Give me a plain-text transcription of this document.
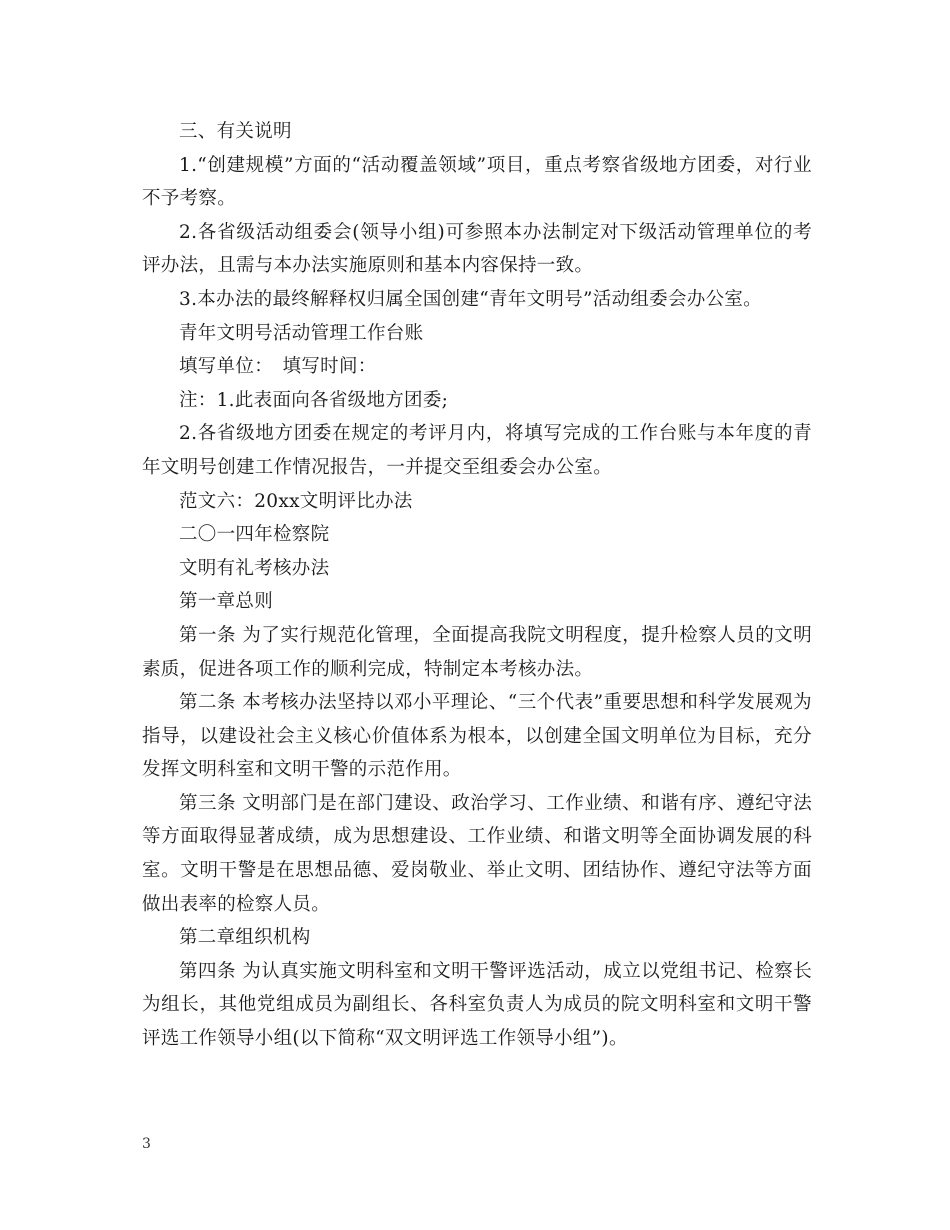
三、有关说明

1.“创建规模”方面的“活动覆盖领域”项目，重点考察省级地方团委，对行业不予考察。

2.各省级活动组委会(领导小组)可参照本办法制定对下级活动管理单位的考评办法，且需与本办法实施原则和基本内容保持一致。

3.本办法的最终解释权归属全国创建“青年文明号”活动组委会办公室。

青年文明号活动管理工作台账

填写单位：　填写时间：

注：1.此表面向各省级地方团委;

2.各省级地方团委在规定的考评月内，将填写完成的工作台账与本年度的青年文明号创建工作情况报告，一并提交至组委会办公室。

范文六：20xx文明评比办法

二〇一四年检察院

文明有礼考核办法

第一章总则

第一条 为了实行规范化管理，全面提高我院文明程度，提升检察人员的文明素质，促进各项工作的顺利完成，特制定本考核办法。

第二条 本考核办法坚持以邓小平理论、“三个代表”重要思想和科学发展观为指导，以建设社会主义核心价值体系为根本，以创建全国文明单位为目标，充分发挥文明科室和文明干警的示范作用。

第三条 文明部门是在部门建设、政治学习、工作业绩、和谐有序、遵纪守法等方面取得显著成绩，成为思想建设、工作业绩、和谐文明等全面协调发展的科室。文明干警是在思想品德、爱岗敬业、举止文明、团结协作、遵纪守法等方面做出表率的检察人员。

第二章组织机构

第四条 为认真实施文明科室和文明干警评选活动，成立以党组书记、检察长为组长，其他党组成员为副组长、各科室负责人为成员的院文明科室和文明干警评选工作领导小组(以下简称“双文明评选工作领导小组”)。

3
